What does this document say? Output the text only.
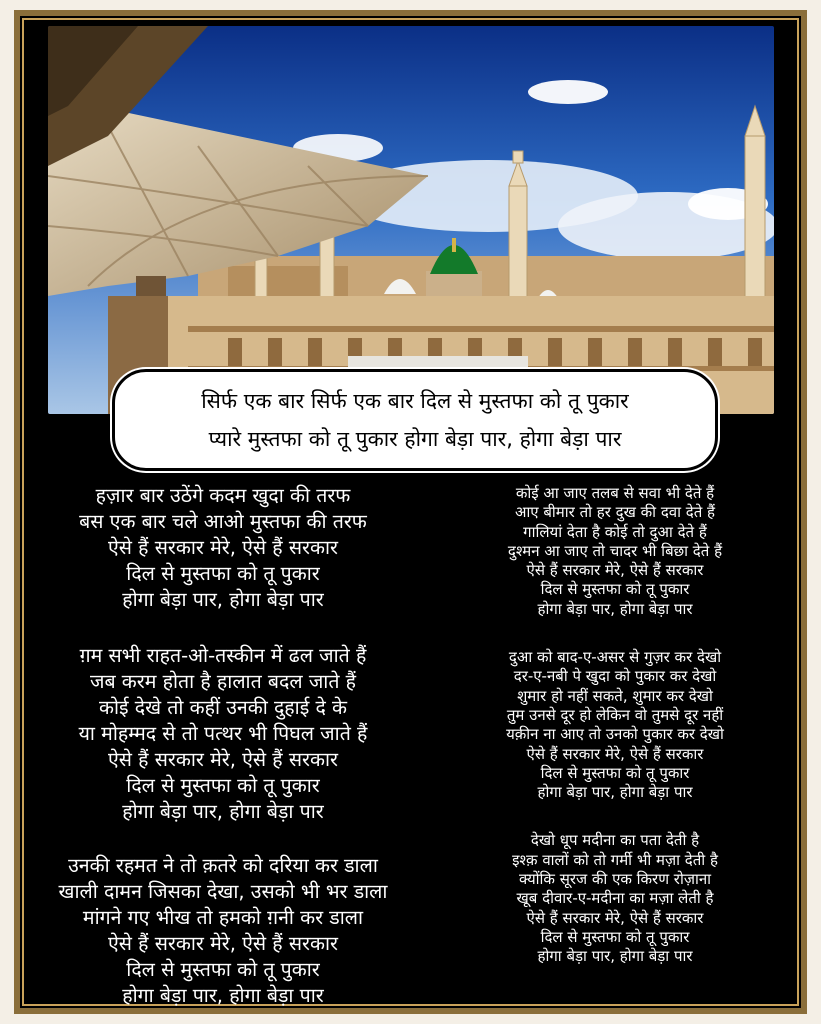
सिर्फ एक बार सिर्फ एक बार दिल से मुस्तफा को तू पुकार
प्यारे मुस्तफा को तू पुकार होगा बेड़ा पार, होगा बेड़ा पार
हज़ार बार उठेंगे कदम खुदा की तरफ
बस एक बार चले आओ मुस्तफा की तरफ
ऐसे हैं सरकार मेरे, ऐसे हैं सरकार
दिल से मुस्तफा को तू पुकार
होगा बेड़ा पार, होगा बेड़ा पार
ग़म सभी राहत-ओ-तस्कीन में ढल जाते हैं
जब करम होता है हालात बदल जाते हैं
कोई देखे तो कहीं उनकी दुहाई दे के
या मोहम्मद से तो पत्थर भी पिघल जाते हैं
ऐसे हैं सरकार मेरे, ऐसे हैं सरकार
दिल से मुस्तफा को तू पुकार
होगा बेड़ा पार, होगा बेड़ा पार
उनकी रहमत ने तो क़तरे को दरिया कर डाला
खाली दामन जिसका देखा, उसको भी भर डाला
मांगने गए भीख तो हमको ग़नी कर डाला
ऐसे हैं सरकार मेरे, ऐसे हैं सरकार
दिल से मुस्तफा को तू पुकार
होगा बेड़ा पार, होगा बेड़ा पार
कोई आ जाए तलब से सवा भी देते हैं
आए बीमार तो हर दुख की दवा देते हैं
गालियां देता है कोई तो दुआ देते हैं
दुश्मन आ जाए तो चादर भी बिछा देते हैं
ऐसे हैं सरकार मेरे, ऐसे हैं सरकार
दिल से मुस्तफा को तू पुकार
होगा बेड़ा पार, होगा बेड़ा पार
दुआ को बाद-ए-असर से गुज़र कर देखो
दर-ए-नबी पे खुदा को पुकार कर देखो
शुमार हो नहीं सकते, शुमार कर देखो
तुम उनसे दूर हो लेकिन वो तुमसे दूर नहीं
यक़ीन ना आए तो उनको पुकार कर देखो
ऐसे हैं सरकार मेरे, ऐसे हैं सरकार
दिल से मुस्तफा को तू पुकार
होगा बेड़ा पार, होगा बेड़ा पार
देखो धूप मदीना का पता देती है
इश्क़ वालों को तो गर्मी भी मज़ा देती है
क्योंकि सूरज की एक किरण रोज़ाना
खूब दीवार-ए-मदीना का मज़ा लेती है
ऐसे हैं सरकार मेरे, ऐसे हैं सरकार
दिल से मुस्तफा को तू पुकार
होगा बेड़ा पार, होगा बेड़ा पार
